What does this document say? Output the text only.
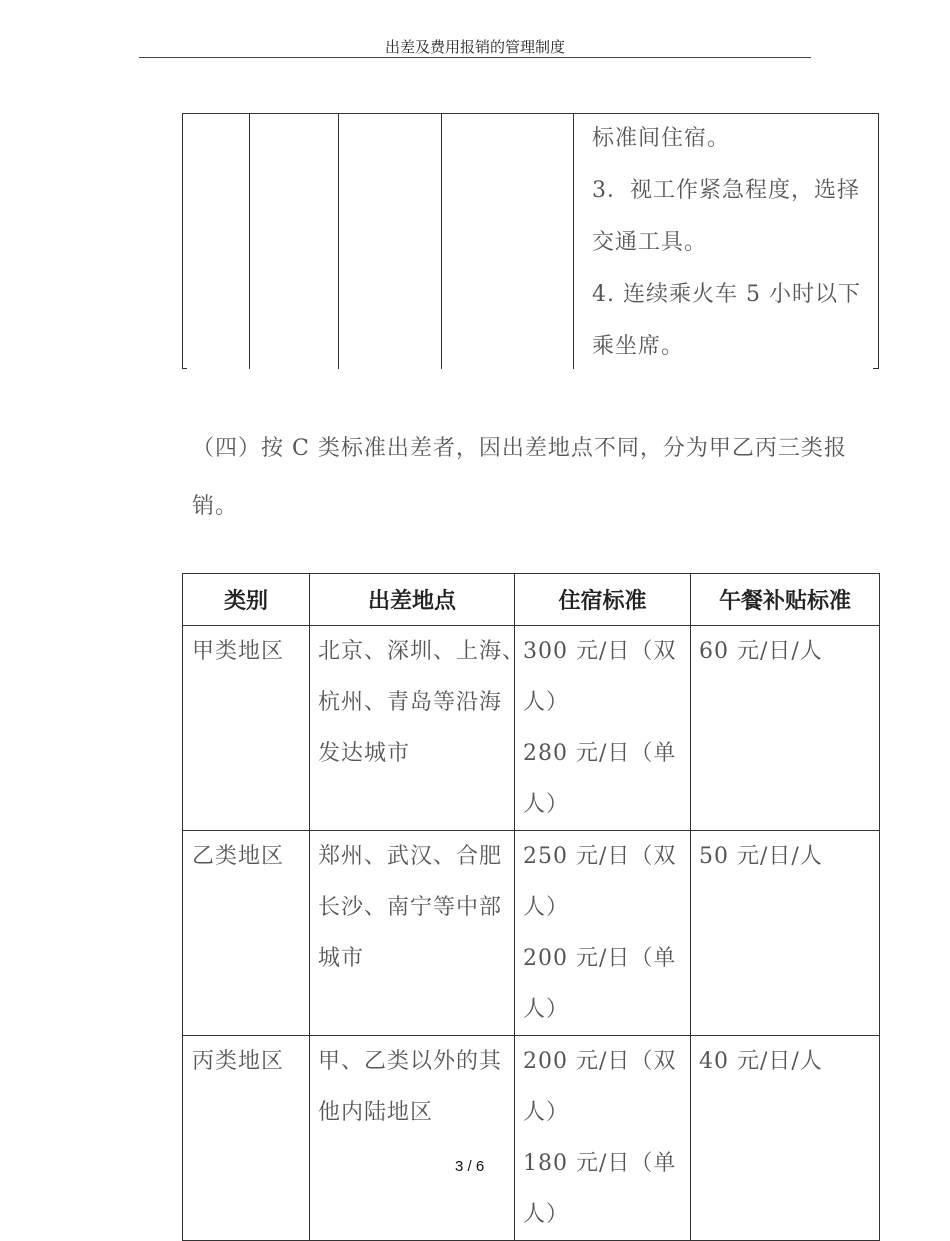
出差及费用报销的管理制度

标准间住宿。

3．视工作紧急程度，选择

交通工具。

4. 连续乘火车 5 小时以下

乘坐席。

（四）按 C 类标准出差者，因出差地点不同，分为甲乙丙三类报
销。
类别	出差地点	住宿标准	午餐补贴标准
甲类地区	北京、深圳、上海、
杭州、青岛等沿海
发达城市	300 元/日（双
人）
280 元/日（单
人）	60 元/日/人
乙类地区	郑州、武汉、合肥
长沙、南宁等中部
城市	250 元/日（双
人）
200 元/日（单
人）	50 元/日/人
丙类地区	甲、乙类以外的其
他内陆地区	200 元/日（双
人）
180 元/日（单
人）	40 元/日/人
3 / 6
